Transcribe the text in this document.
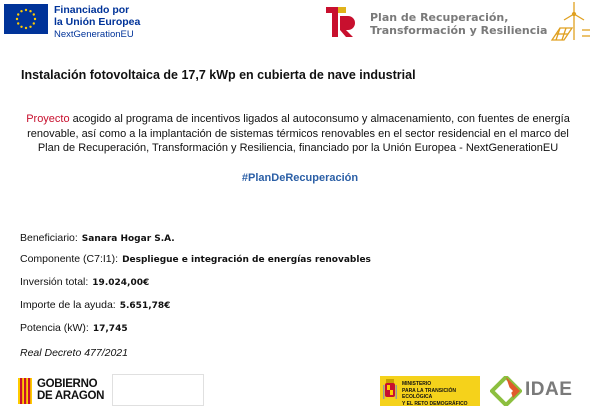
Financiado por
la Unión Europea
NextGenerationEU
Plan de Recuperación,
Transformación y Resiliencia
Instalación fotovoltaica de 17,7 kWp en cubierta de nave industrial
Proyecto acogido al programa de incentivos ligados al autoconsumo y almacenamiento, con fuentes de energía renovable, así como a la implantación de sistemas térmicos renovables en el sector residencial en el marco del Plan de Recuperación, Transformación y Resiliencia, financiado por la Unión Europea - NextGenerationEU
#PlanDeRecuperación
Beneficiario: Sanara Hogar S.A.
Componente (C7:I1): Despliegue e integración de energías renovables
Inversión total: 19.024,00€
Importe de la ayuda: 5.651,78€
Potencia (kW): 17,745
Real Decreto 477/2021
GOBIERNO
DE ARAGON
MINISTERIO
PARA LA TRANSICIÓN ECOLÓGICA
Y EL RETO DEMOGRÁFICO
IDAE
